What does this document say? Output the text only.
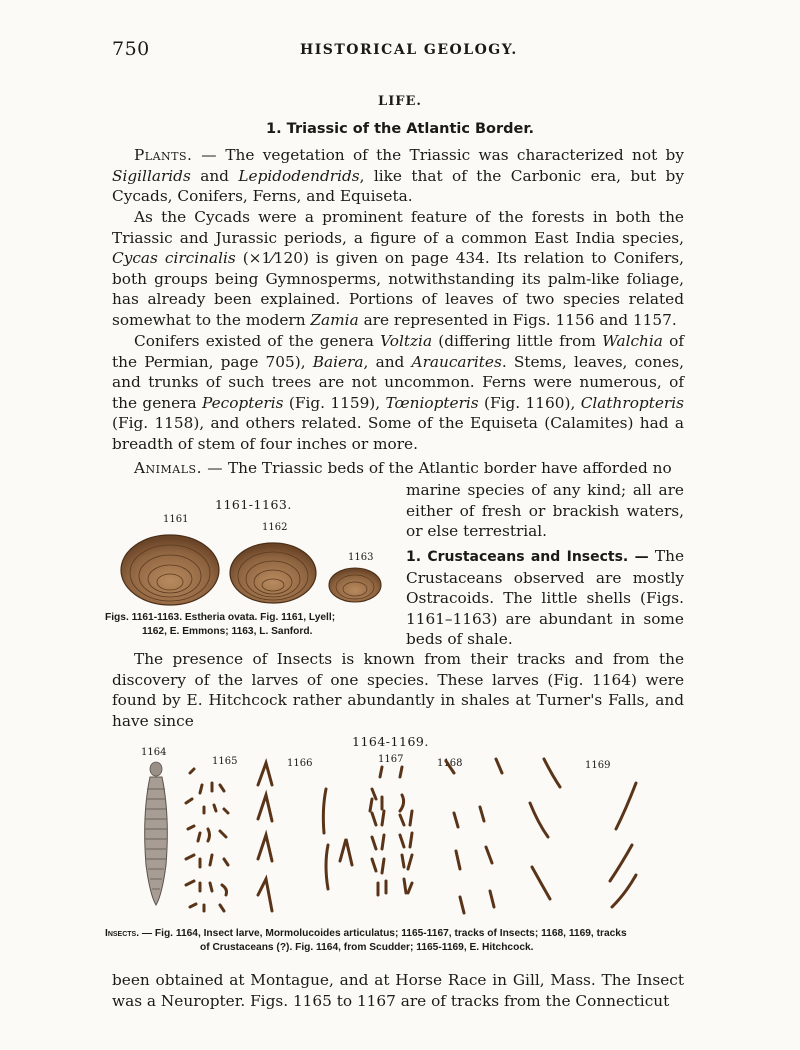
750	HISTORICAL GEOLOGY.
LIFE.
1. Triassic of the Atlantic Border.

Plants. — The vegetation of the Triassic was characterized not by Sigillarids and Lepidodendrids, like that of the Carbonic era, but by Cycads, Conifers, Ferns, and Equiseta.

As the Cycads were a prominent feature of the forests in both the Triassic and Jurassic periods, a figure of a common East India species, Cycas circinalis (×1⁄120) is given on page 434. Its relation to Conifers, both groups being Gymnosperms, notwithstanding its palm-like foliage, has already been explained. Portions of leaves of two species related somewhat to the modern Zamia are represented in Figs. 1156 and 1157.

Conifers existed of the genera Voltzia (differing little from Walchia of the Permian, page 705), Baiera, and Araucarites. Stems, leaves, cones, and trunks of such trees are not uncommon. Ferns were numerous, of the genera Pecopteris (Fig. 1159), Tœniopteris (Fig. 1160), Clathropteris (Fig. 1158), and others related. Some of the Equiseta (Calamites) had a breadth of stem of four inches or more.

Animals. — The Triassic beds of the Atlantic border have afforded no

marine species of any kind; all are either of fresh or brackish waters, or else terrestrial.

1. Crustaceans and Insects. — The Crustaceans observed are mostly Ostracoids. The little shells (Figs. 1161–1163) are abundant in some beds of shale.

1161-1163.
1161
1162
1163
Figs. 1161-1163. Estheria ovata. Fig. 1161, Lyell;
1162, E. Emmons; 1163, L. Sanford.

The presence of Insects is known from their tracks and from the discovery of the larves of one species. These larves (Fig. 1164) were found by E. Hitchcock rather abundantly in shales at Turner's Falls, and have since

1164-1169.
1164
1165	1166	1167	1168	1169
Insects. — Fig. 1164, Insect larve, Mormolucoides articulatus; 1165-1167, tracks of Insects; 1168, 1169, tracks
of Crustaceans (?). Fig. 1164, from Scudder; 1165-1169, E. Hitchcock.

been obtained at Montague, and at Horse Race in Gill, Mass. The Insect was a Neuropter. Figs. 1165 to 1167 are of tracks from the Connecticut
